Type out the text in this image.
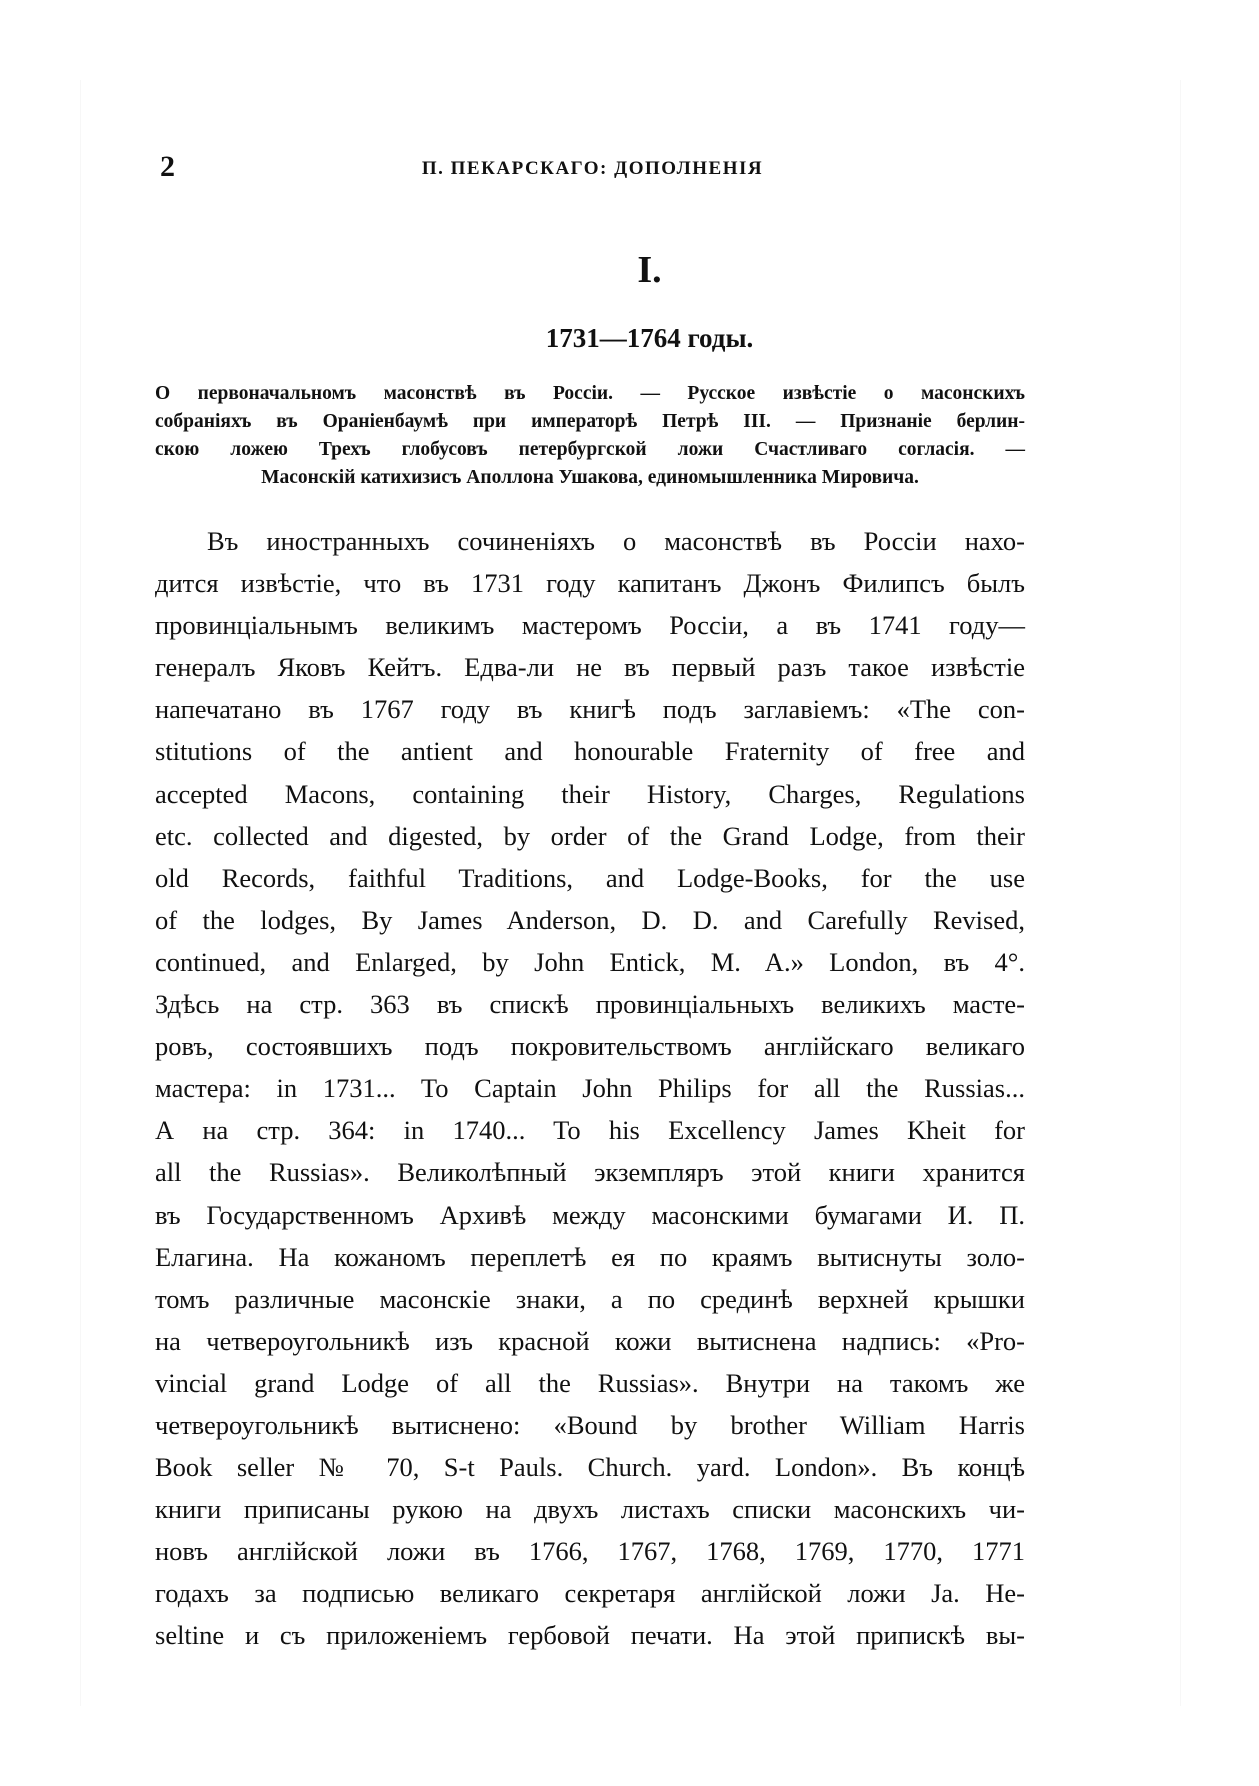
2	П. ПЕКАРСКАГО: ДОПОЛНЕНІЯ
I.
1731—1764 годы.
О первоначальномъ масонствѣ въ Россіи. — Русское извѣстіе о масонскихъ
собраніяхъ въ Ораніенбаумѣ при императорѣ Петрѣ III. — Признаніе берлин-
скою ложею Трехъ глобусовъ петербургской ложи Счастливаго согласія. —
Масонскій катихизисъ Аполлона Ушакова, единомышленника Мировича.
Въ иностранныхъ сочиненіяхъ о масонствѣ въ Россіи нахо-
дится извѣстіе, что въ 1731 году капитанъ Джонъ Филипсъ былъ
провинціальнымъ великимъ мастеромъ Россіи, а въ 1741 году—
генералъ Яковъ Кейтъ. Едва-ли не въ первый разъ такое извѣстіе
напечатано въ 1767 году въ книгѣ подъ заглавіемъ: «The con-
stitutions of the antient and honourable Fraternity of free and
accepted Macons, containing their History, Charges, Regulations
etc. collected and digested, by order of the Grand Lodge, from their
old Records, faithful Traditions, and Lodge-Books, for the use
of the lodges, By James Anderson, D. D. and Carefully Revised,
continued, and Enlarged, by John Entick, M. A.» London, въ 4°.
Здѣсь на стр. 363 въ спискѣ провинціальныхъ великихъ масте-
ровъ, состоявшихъ подъ покровительствомъ англійскаго великаго
мастера: in 1731... To Captain John Philips for all the Russias...
А на стр. 364: in 1740... To his Excellency James Kheit for
all the Russias». Великолѣпный экземпляръ этой книги хранится
въ Государственномъ Архивѣ между масонскими бумагами И. П.
Елагина. На кожаномъ переплетѣ ея по краямъ вытиснуты золо-
томъ различные масонскіе знаки, а по срединѣ верхней крышки
на четвероугольникѣ изъ красной кожи вытиснена надпись: «Pro-
vincial grand Lodge of all the Russias». Внутри на такомъ же
четвероугольникѣ вытиснено: «Bound by brother William Harris
Book seller № 70, S-t Pauls. Church. yard. London». Въ концѣ
книги приписаны рукою на двухъ листахъ списки масонскихъ чи-
новъ англійской ложи въ 1766, 1767, 1768, 1769, 1770, 1771
годахъ за подписью великаго секретаря англійской ложи Ja. He-
seltine и съ приложеніемъ гербовой печати. На этой припискѣ вы-
